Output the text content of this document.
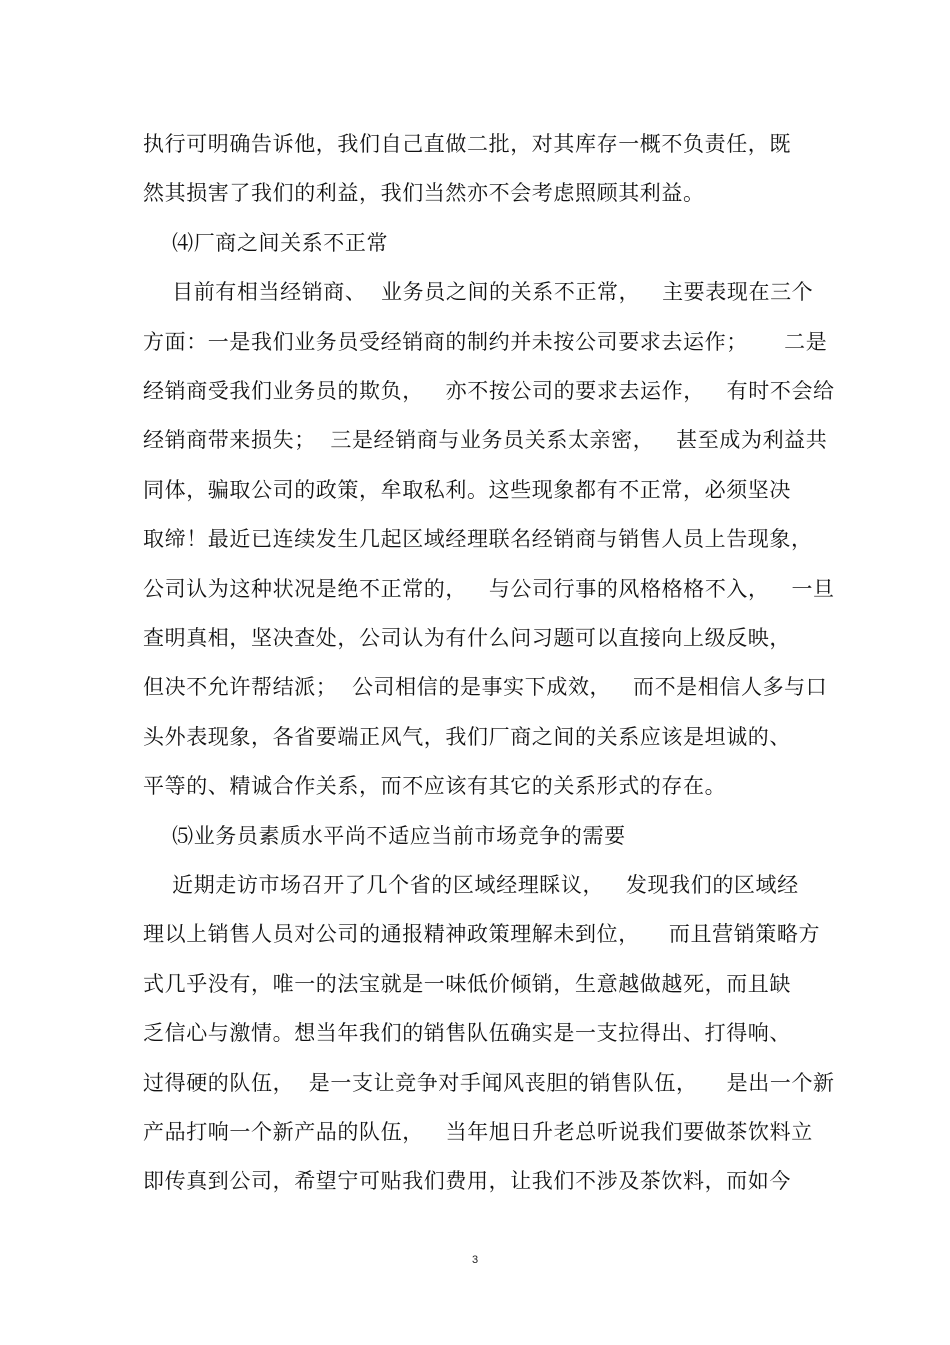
执行可明确告诉他，我们自己直做二批，对其库存一概不负责任，既
然其损害了我们的利益，我们当然亦不会考虑照顾其利益。
⑷厂商之间关系不正常
目前有相当经销商、  业务员之间的关系不正常，   主要表现在三个
方面：一是我们业务员受经销商的制约并未按公司要求去运作；     二是
经销商受我们业务员的欺负，   亦不按公司的要求去运作，   有时不会给
经销商带来损失；  三是经销商与业务员关系太亲密，   甚至成为利益共
同体，骗取公司的政策，牟取私利。这些现象都有不正常，必须坚决
取缔！最近已连续发生几起区域经理联名经销商与销售人员上告现象，
公司认为这种状况是绝不正常的，   与公司行事的风格格格不入，   一旦
查明真相，坚决查处，公司认为有什么问习题可以直接向上级反映，
但决不允许帮结派；  公司相信的是事实下成效，   而不是相信人多与口
头外表现象，各省要端正风气，我们厂商之间的关系应该是坦诚的、
平等的、精诚合作关系，而不应该有其它的关系形式的存在。
⑸业务员素质水平尚不适应当前市场竞争的需要
近期走访市场召开了几个省的区域经理睬议，   发现我们的区域经
理以上销售人员对公司的通报精神政策理解未到位，    而且营销策略方
式几乎没有，唯一的法宝就是一味低价倾销，生意越做越死，而且缺
乏信心与激情。想当年我们的销售队伍确实是一支拉得出、打得响、
过得硬的队伍，  是一支让竞争对手闻风丧胆的销售队伍，    是出一个新
产品打响一个新产品的队伍，   当年旭日升老总听说我们要做茶饮料立
即传真到公司，希望宁可贴我们费用，让我们不涉及茶饮料，而如今
3
